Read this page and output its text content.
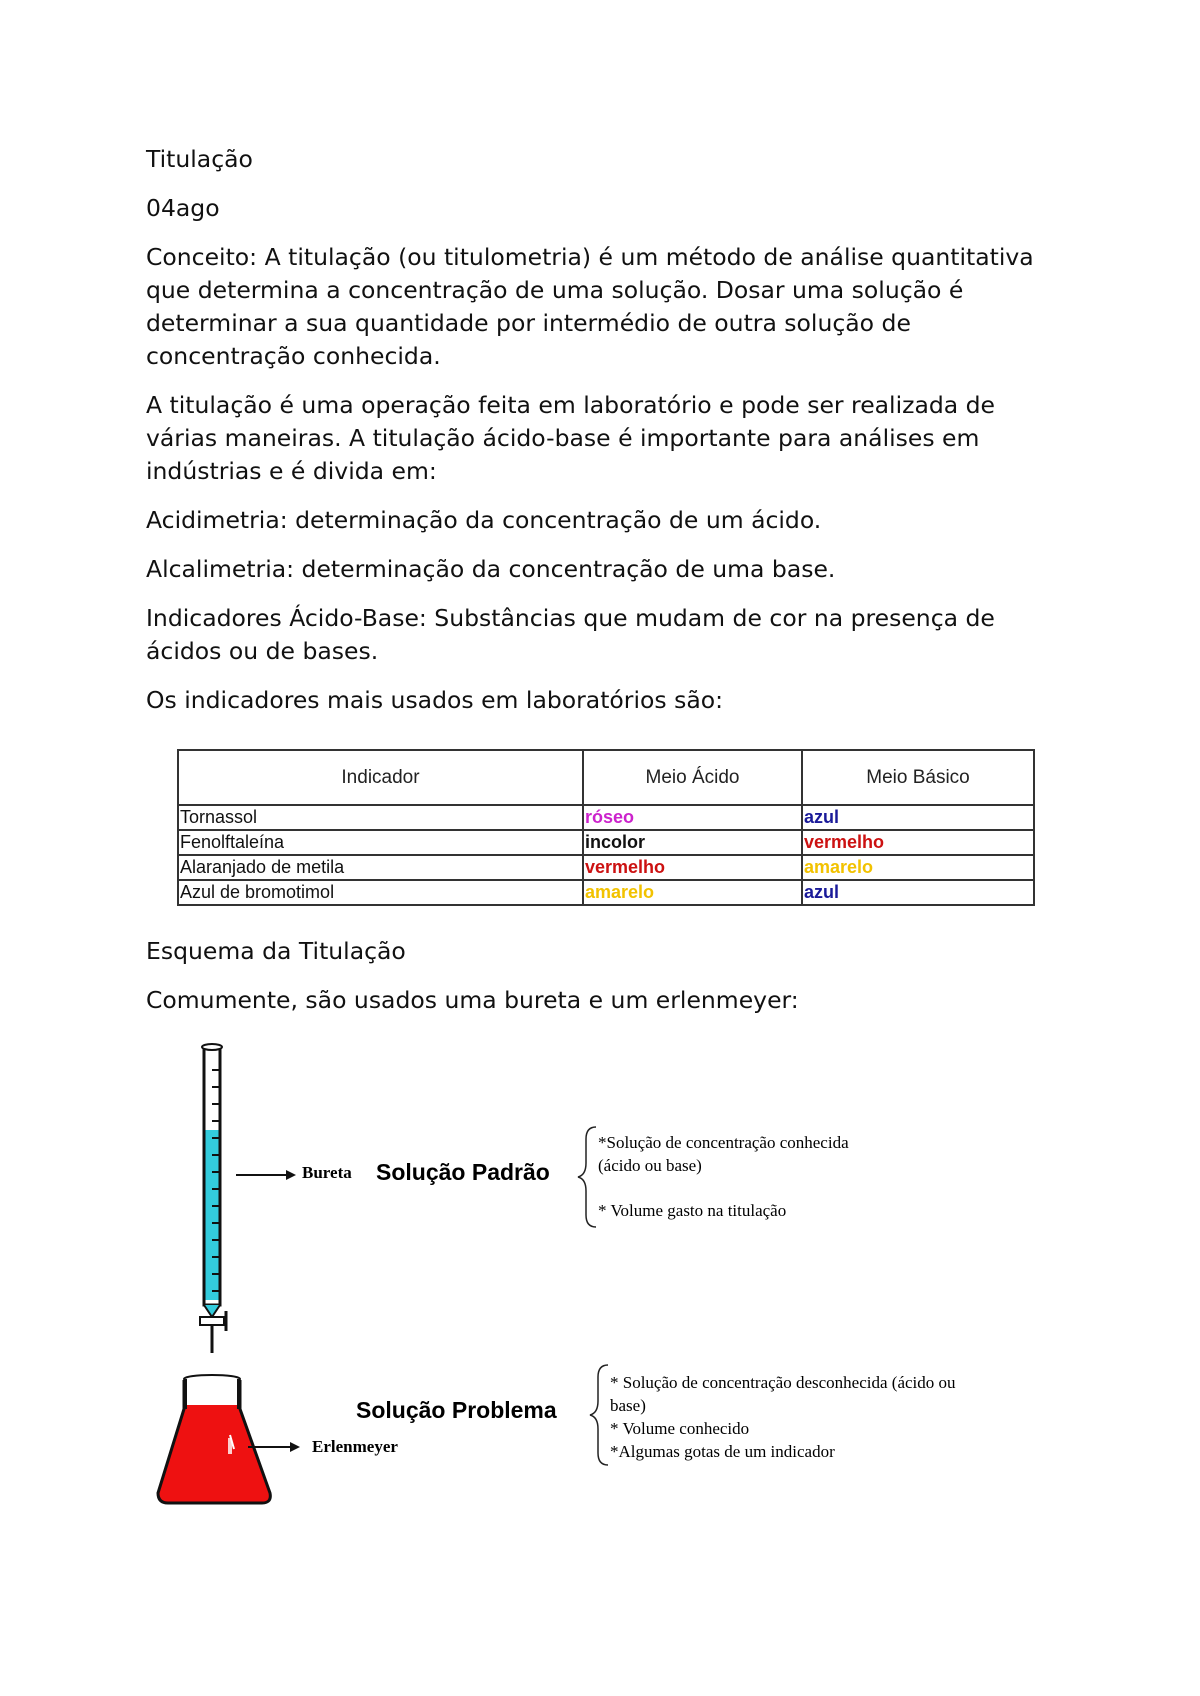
Titulação

04ago

Conceito: A titulação (ou titulometria) é um método de análise quantitativa que determina a concentração de uma solução. Dosar uma solução é determinar a sua quantidade por intermédio de outra solução de concentração conhecida.

A titulação é uma operação feita em laboratório e pode ser realizada de várias maneiras. A titulação ácido-base é importante para análises em indústrias e é divida em:

Acidimetria: determinação da concentração de um ácido.

Alcalimetria: determinação da concentração de uma base.

Indicadores Ácido-Base: Substâncias que mudam de cor na presença de ácidos ou de bases.

Os indicadores mais usados em laboratórios são:

Indicador	Meio Ácido	Meio Básico
Tornassol	róseo	azul
Fenolftaleína	incolor	vermelho
Alaranjado de metila	vermelho	amarelo
Azul de bromotimol	amarelo	azul

Esquema da Titulação

Comumente, são usados uma bureta e um erlenmeyer:

Bureta Solução Padrão
*Solução de concentração conhecida
(ácido ou base)
* Volume gasto na titulação
Solução Problema
Erlenmeyer
* Solução de concentração desconhecida (ácido ou
base)
* Volume conhecido
*Algumas gotas de um indicador
